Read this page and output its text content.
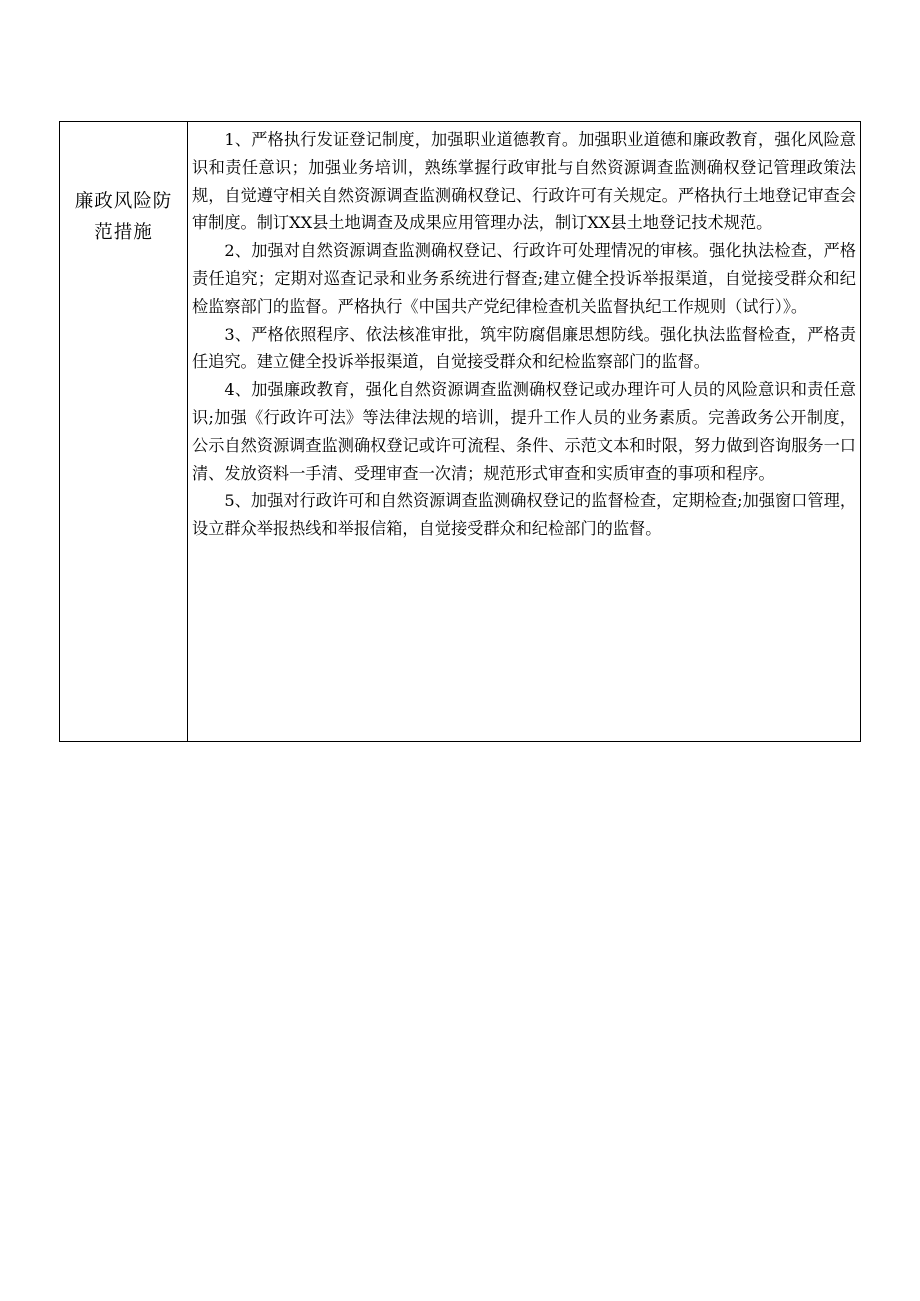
廉政风险防范措施

1、严格执行发证登记制度，加强职业道德教育。加强职业道德和廉政教育，强化风险意识和责任意识；加强业务培训，熟练掌握行政审批与自然资源调查监测确权登记管理政策法规，自觉遵守相关自然资源调查监测确权登记、行政许可有关规定。严格执行土地登记审查会审制度。制订XX县土地调查及成果应用管理办法，制订XX县土地登记技术规范。

2、加强对自然资源调查监测确权登记、行政许可处理情况的审核。强化执法检查，严格责任追究；定期对巡查记录和业务系统进行督查;建立健全投诉举报渠道，自觉接受群众和纪检监察部门的监督。严格执行《中国共产党纪律检查机关监督执纪工作规则（试行）》。

3、严格依照程序、依法核准审批，筑牢防腐倡廉思想防线。强化执法监督检查，严格责任追究。建立健全投诉举报渠道，自觉接受群众和纪检监察部门的监督。

4、加强廉政教育，强化自然资源调查监测确权登记或办理许可人员的风险意识和责任意识;加强《行政许可法》等法律法规的培训，提升工作人员的业务素质。完善政务公开制度，公示自然资源调查监测确权登记或许可流程、条件、示范文本和时限，努力做到咨询服务一口清、发放资料一手清、受理审查一次清；规范形式审查和实质审查的事项和程序。

5、加强对行政许可和自然资源调查监测确权登记的监督检查，定期检查;加强窗口管理，设立群众举报热线和举报信箱，自觉接受群众和纪检部门的监督。
